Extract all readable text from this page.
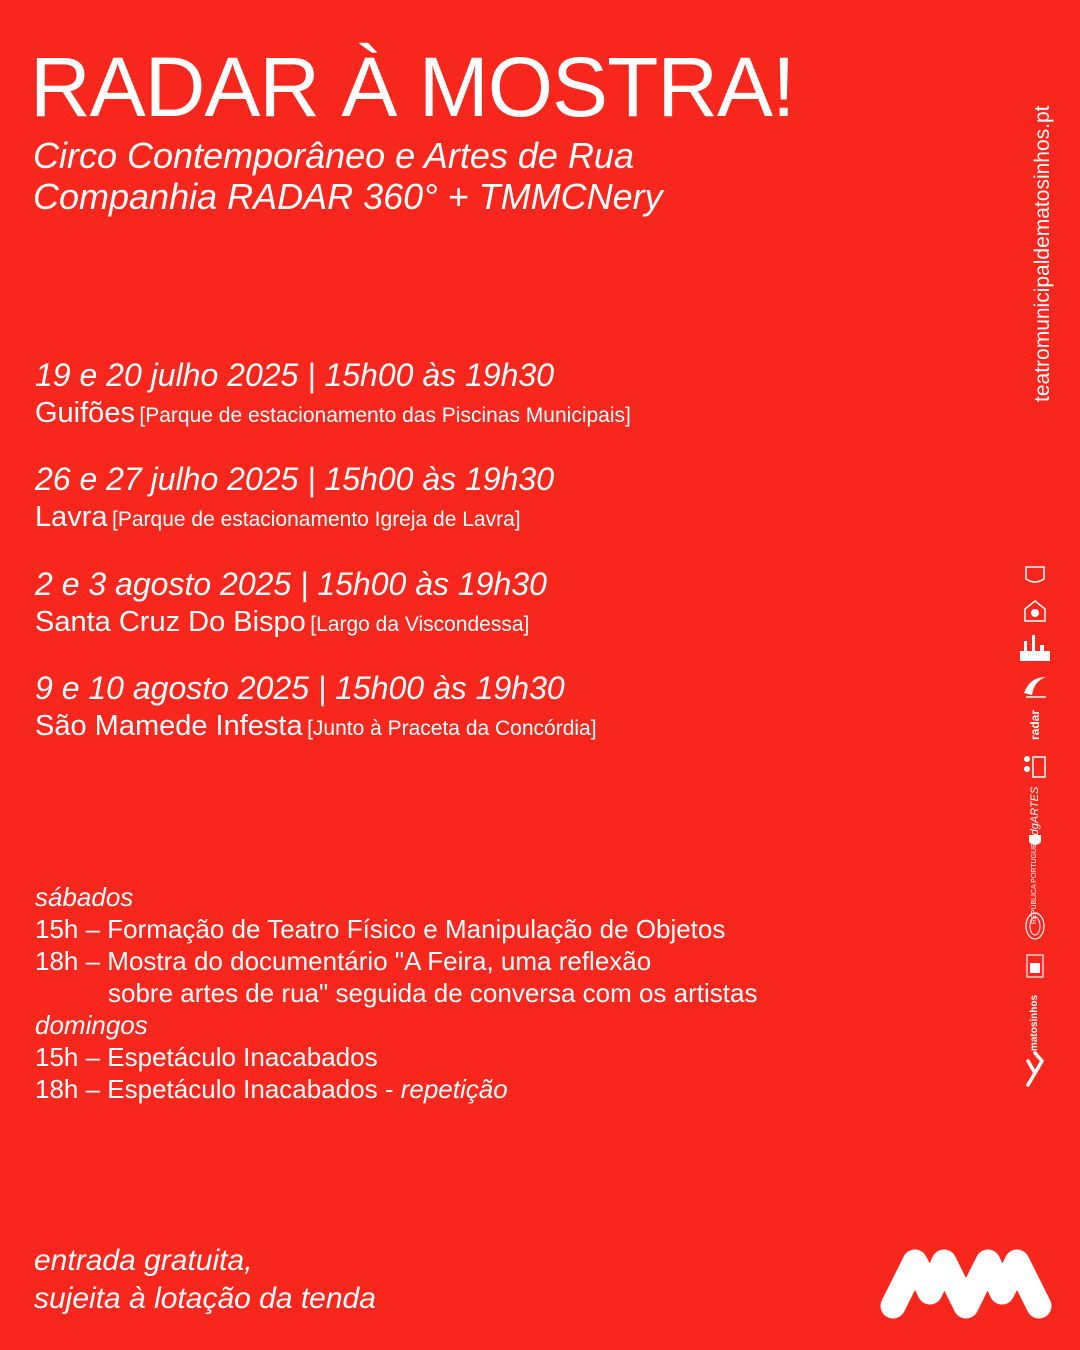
RADAR À MOSTRA!
Circo Contemporâneo e Artes de Rua
Companhia RADAR 360° + TMMCNery
19 e 20 julho 2025 | 15h00 às 19h30
Guifões [Parque de estacionamento das Piscinas Municipais]
26 e 27 julho 2025 | 15h00 às 19h30
Lavra [Parque de estacionamento Igreja de Lavra]
2 e 3 agosto 2025 | 15h00 às 19h30
Santa Cruz Do Bispo [Largo da Viscondessa]
9 e 10 agosto 2025 | 15h00 às 19h30
São Mamede Infesta [Junto à Praceta da Concórdia]
sábados
15h – Formação de Teatro Físico e Manipulação de Objetos
18h – Mostra do documentário "A Feira, uma reflexão
sobre artes de rua" seguida de conversa com os artistas
domingos
15h – Espetáculo Inacabados
18h – Espetáculo Inacabados - repetição
entrada gratuita,
sujeita à lotação da tenda
teatromunicipaldematosinhos.pt
radar
dgARTES
REPÚBLICA PORTUGUESA
matosinhos
